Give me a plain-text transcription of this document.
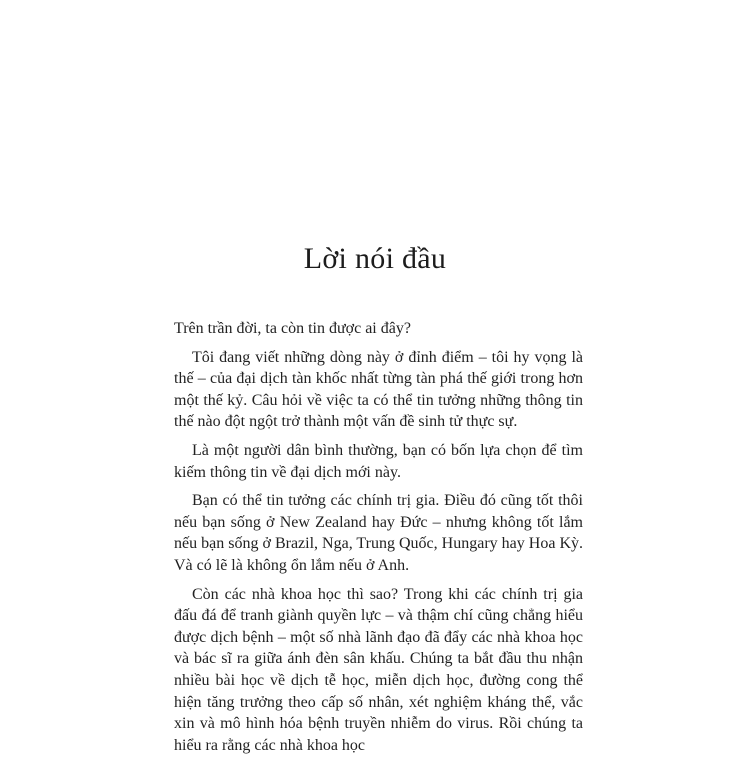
Lời nói đầu

Trên trần đời, ta còn tin được ai đây?

Tôi đang viết những dòng này ở đỉnh điểm – tôi hy vọng là thế – của đại dịch tàn khốc nhất từng tàn phá thế giới trong hơn một thế kỷ. Câu hỏi về việc ta có thể tin tưởng những thông tin thế nào đột ngột trở thành một vấn đề sinh tử thực sự.

Là một người dân bình thường, bạn có bốn lựa chọn để tìm kiếm thông tin về đại dịch mới này.

Bạn có thể tin tưởng các chính trị gia. Điều đó cũng tốt thôi nếu bạn sống ở New Zealand hay Đức – nhưng không tốt lắm nếu bạn sống ở Brazil, Nga, Trung Quốc, Hungary hay Hoa Kỳ. Và có lẽ là không ổn lắm nếu ở Anh.

Còn các nhà khoa học thì sao? Trong khi các chính trị gia đấu đá để tranh giành quyền lực – và thậm chí cũng chẳng hiểu được dịch bệnh – một số nhà lãnh đạo đã đẩy các nhà khoa học và bác sĩ ra giữa ánh đèn sân khấu. Chúng ta bắt đầu thu nhận nhiều bài học về dịch tễ học, miễn dịch học, đường cong thể hiện tăng trưởng theo cấp số nhân, xét nghiệm kháng thể, vắc xin và mô hình hóa bệnh truyền nhiễm do virus. Rồi chúng ta hiểu ra rằng các nhà khoa học
